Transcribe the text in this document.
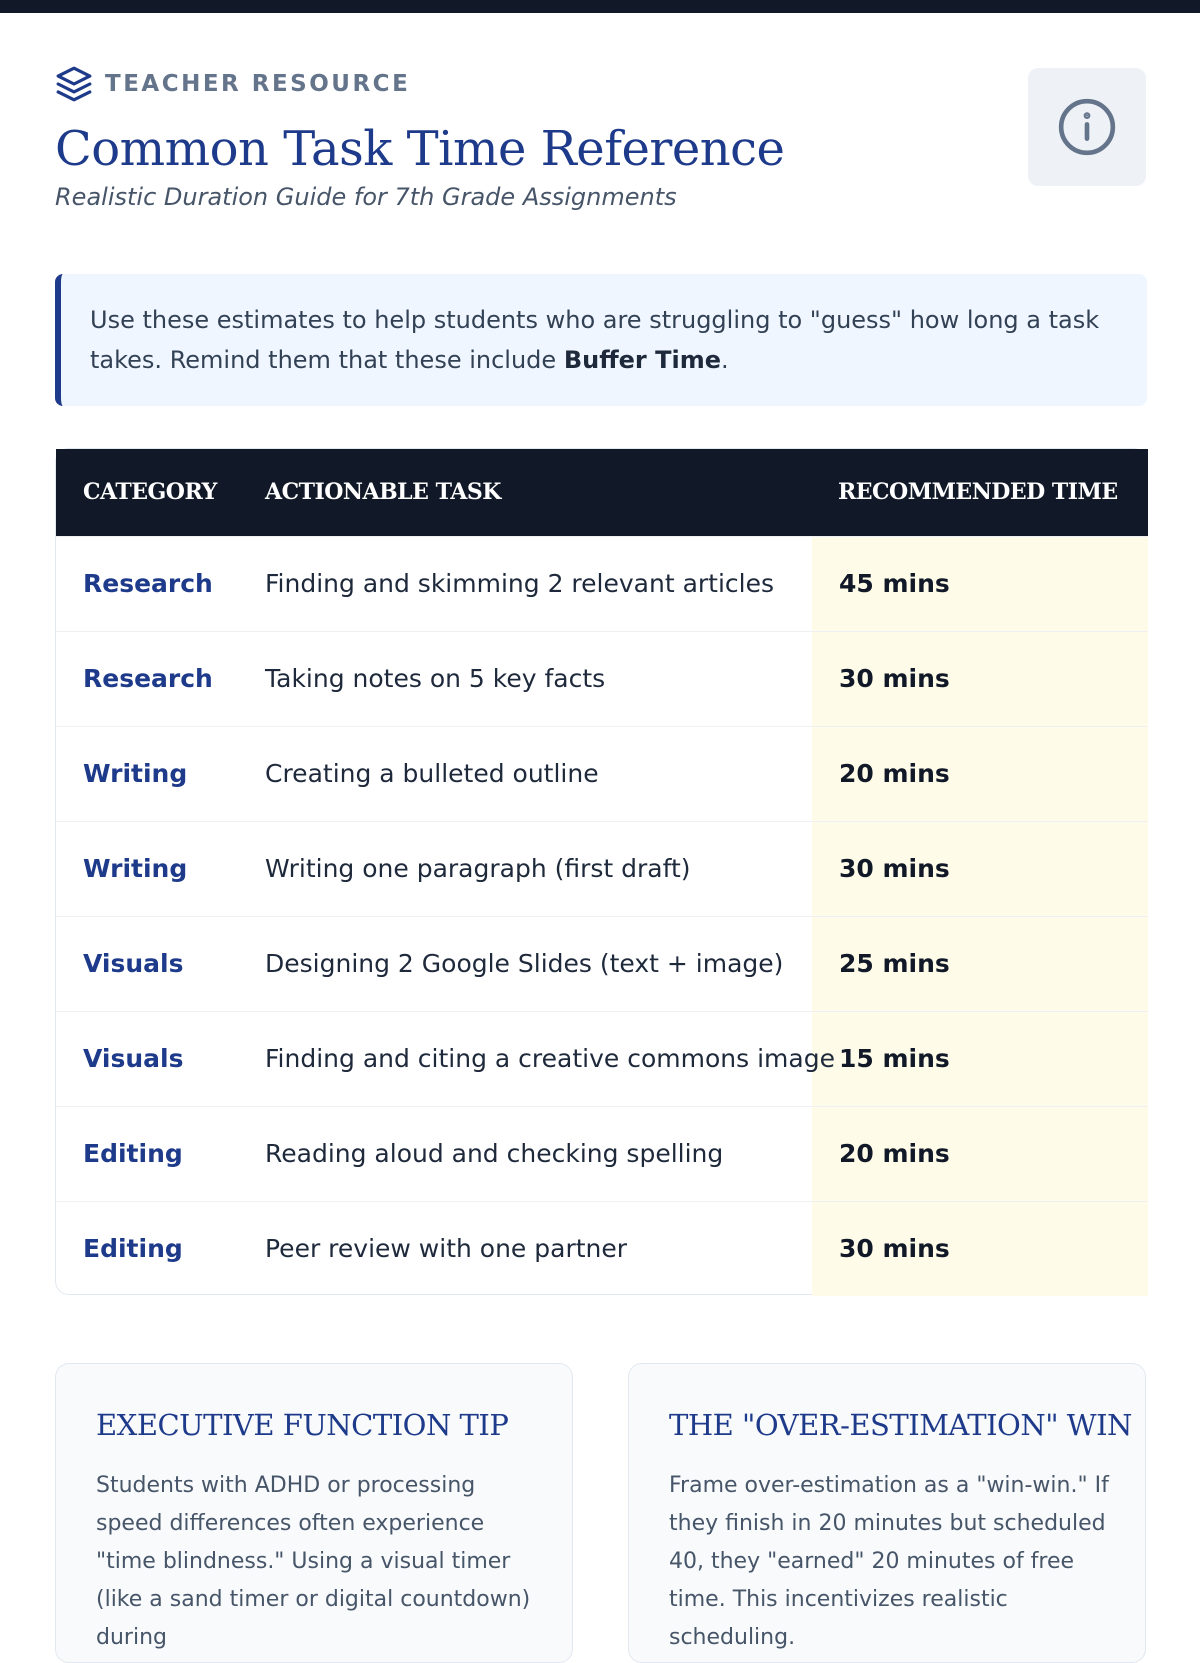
TEACHER RESOURCE
Common Task Time Reference
Realistic Duration Guide for 7th Grade Assignments

Use these estimates to help students who are struggling to "guess" how long a task takes. Remind them that these include Buffer Time.

CATEGORY	ACTIONABLE TASK	RECOMMENDED TIME
Research	Finding and skimming 2 relevant articles	45 mins
Research	Taking notes on 5 key facts	30 mins
Writing	Creating a bulleted outline	20 mins
Writing	Writing one paragraph (first draft)	30 mins
Visuals	Designing 2 Google Slides (text + image)	25 mins
Visuals	Finding and citing a creative commons image	15 mins
Editing	Reading aloud and checking spelling	20 mins
Editing	Peer review with one partner	30 mins
EXECUTIVE FUNCTION TIP

Students with ADHD or processing speed differences often experience "time blindness." Using a visual timer (like a sand timer or digital countdown) during

THE "OVER-ESTIMATION" WIN

Frame over-estimation as a "win-win." If they finish in 20 minutes but scheduled 40, they "earned" 20 minutes of free time. This incentivizes realistic scheduling.
